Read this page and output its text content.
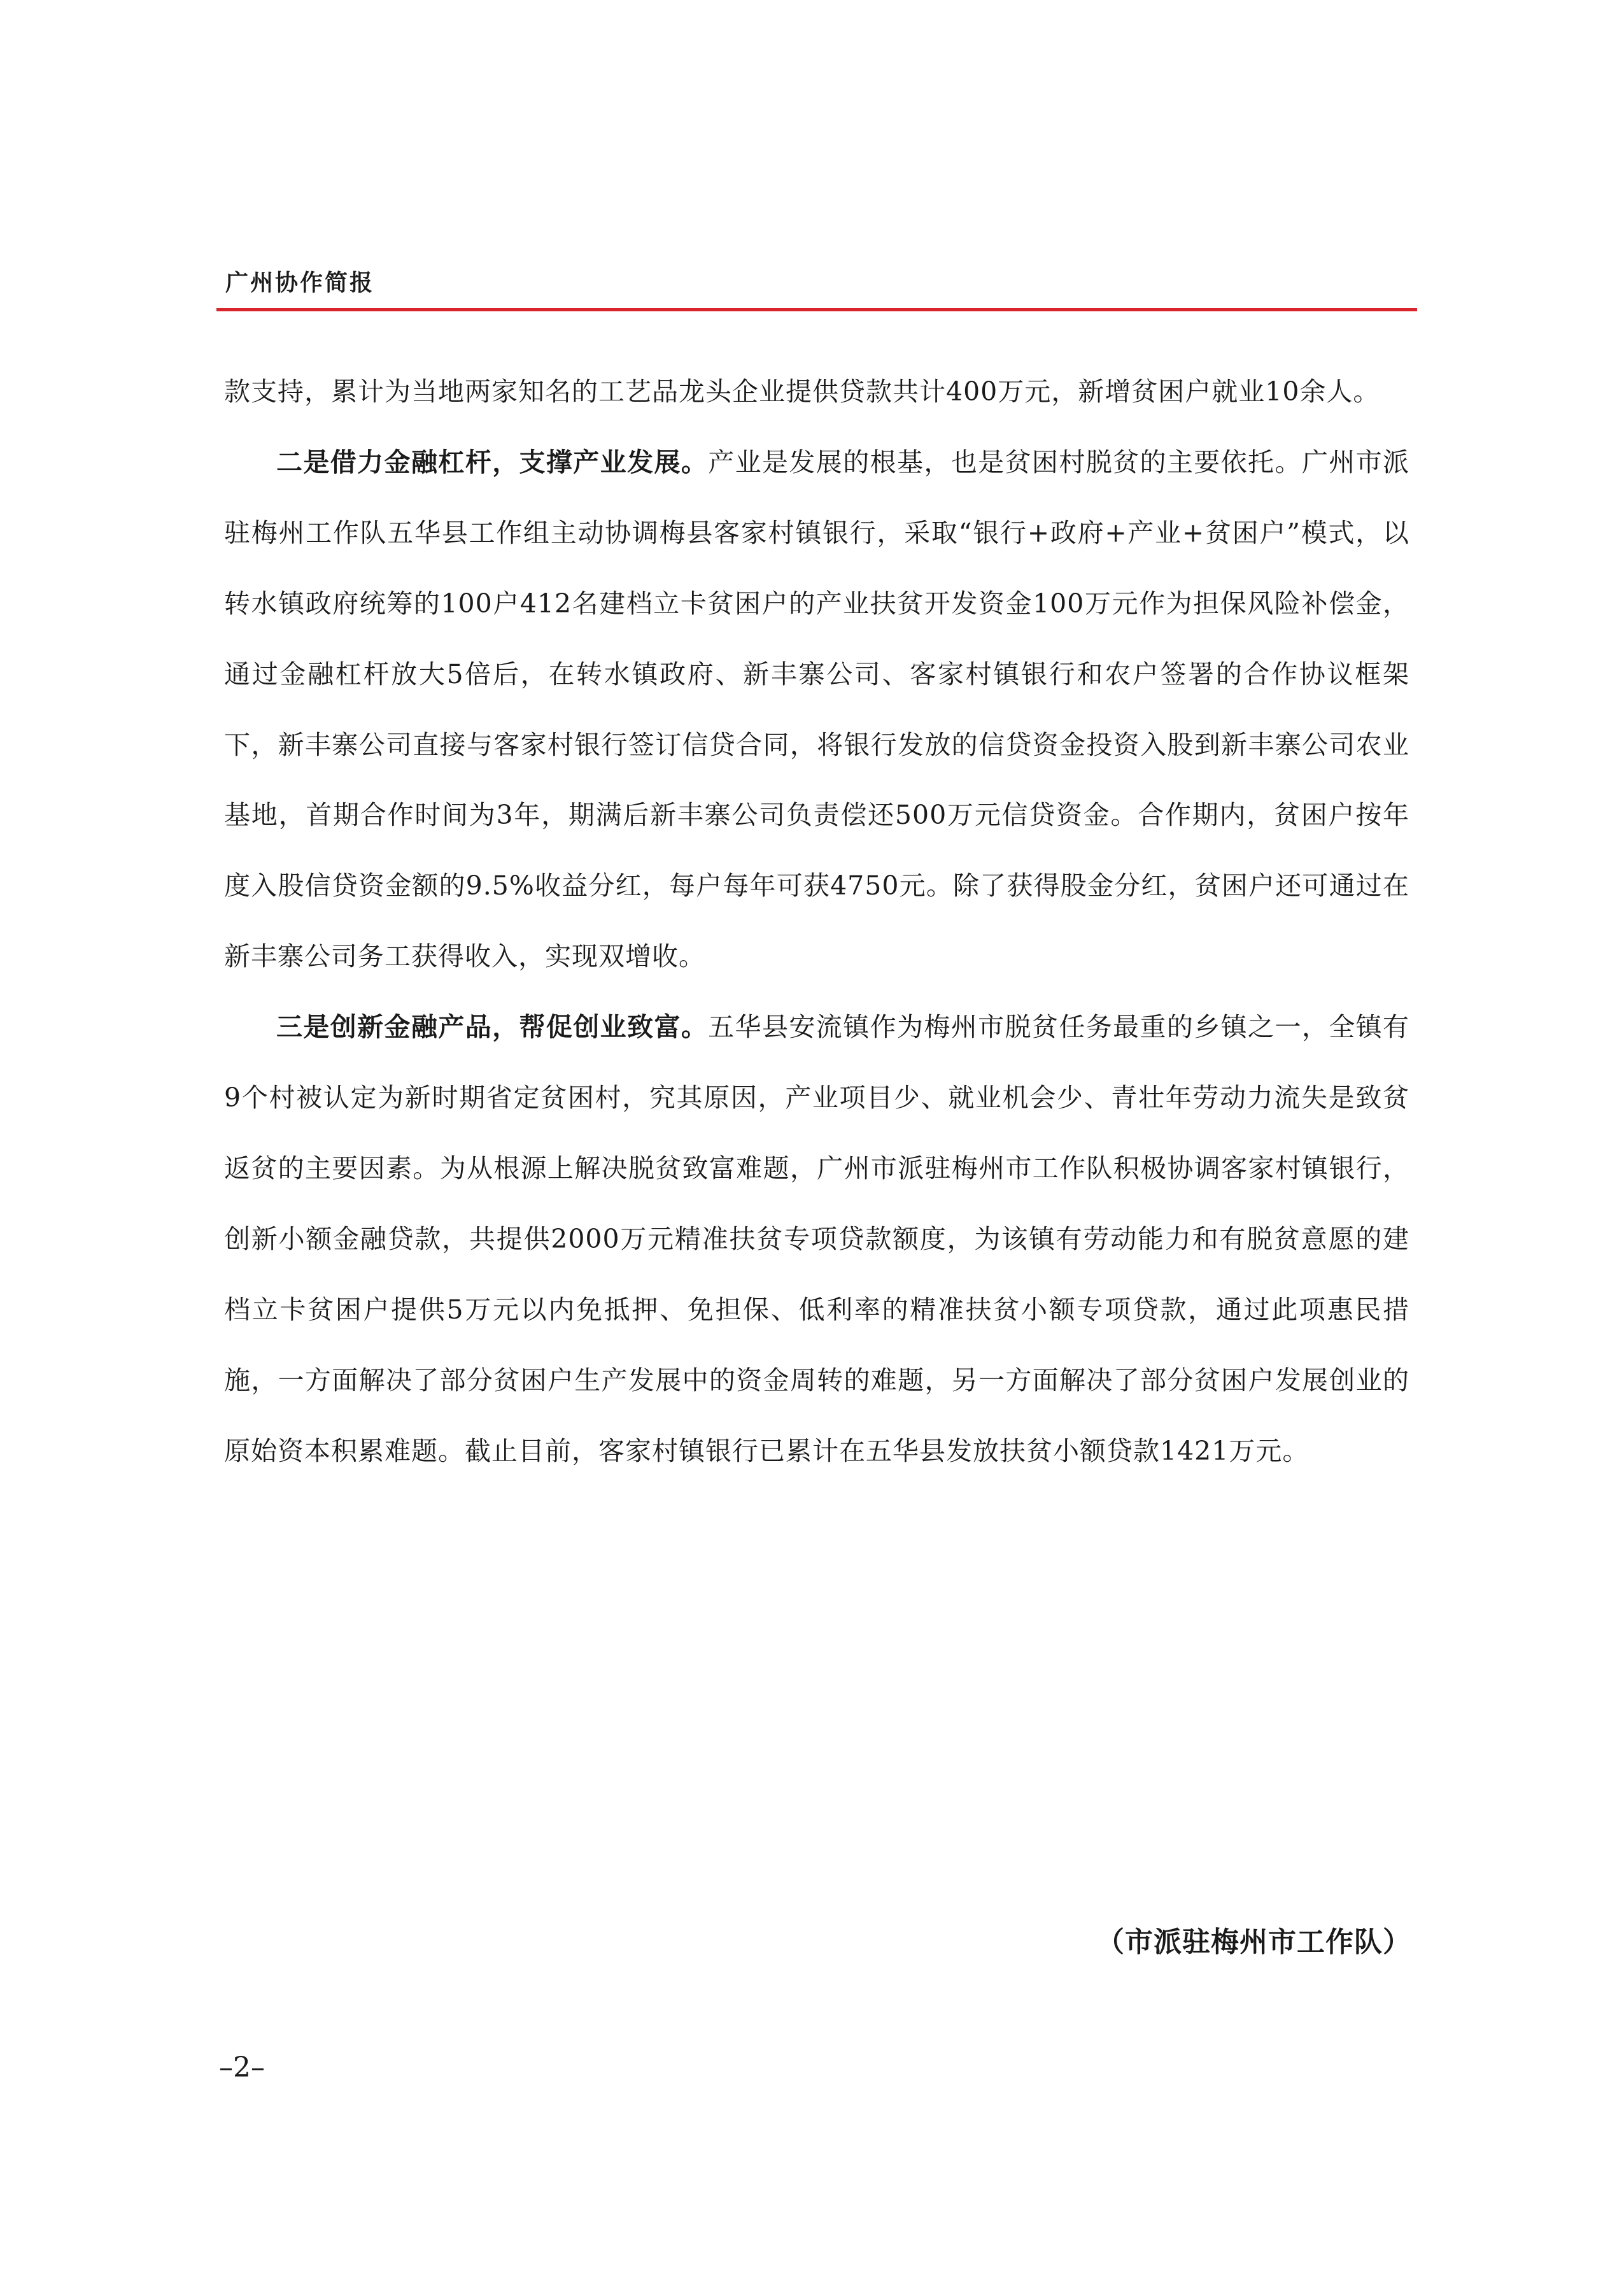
广州协作简报

款支持，累计为当地两家知名的工艺品龙头企业提供贷款共计400万元，新增贫困户就业10余人。

二是借力金融杠杆，支撑产业发展。产业是发展的根基，也是贫困村脱贫的主要依托。广州市派驻梅州工作队五华县工作组主动协调梅县客家村镇银行，采取“银行+政府+产业+贫困户”模式，以转水镇政府统筹的100户412名建档立卡贫困户的产业扶贫开发资金100万元作为担保风险补偿金，通过金融杠杆放大5倍后，在转水镇政府、新丰寨公司、客家村镇银行和农户签署的合作协议框架下，新丰寨公司直接与客家村银行签订信贷合同，将银行发放的信贷资金投资入股到新丰寨公司农业基地，首期合作时间为3年，期满后新丰寨公司负责偿还500万元信贷资金。合作期内，贫困户按年度入股信贷资金额的9.5%收益分红，每户每年可获4750元。除了获得股金分红，贫困户还可通过在新丰寨公司务工获得收入，实现双增收。

三是创新金融产品，帮促创业致富。五华县安流镇作为梅州市脱贫任务最重的乡镇之一，全镇有9个村被认定为新时期省定贫困村，究其原因，产业项目少、就业机会少、青壮年劳动力流失是致贫返贫的主要因素。为从根源上解决脱贫致富难题，广州市派驻梅州市工作队积极协调客家村镇银行，创新小额金融贷款，共提供2000万元精准扶贫专项贷款额度，为该镇有劳动能力和有脱贫意愿的建档立卡贫困户提供5万元以内免抵押、免担保、低利率的精准扶贫小额专项贷款，通过此项惠民措施，一方面解决了部分贫困户生产发展中的资金周转的难题，另一方面解决了部分贫困户发展创业的原始资本积累难题。截止目前，客家村镇银行已累计在五华县发放扶贫小额贷款1421万元。

（市派驻梅州市工作队）
–2–
